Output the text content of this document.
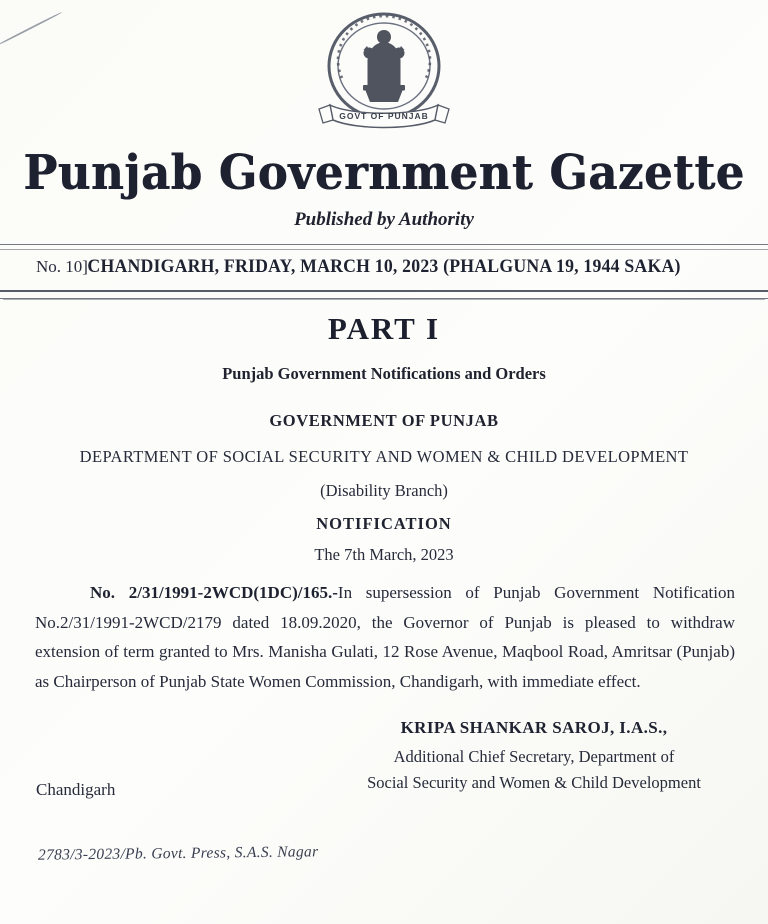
GOVT OF PUNJAB
Punjab Government Gazette
Published by Authority
No. 10] CHANDIGARH, FRIDAY, MARCH 10, 2023 (PHALGUNA 19, 1944 SAKA)
PART I
Punjab Government Notifications and Orders
GOVERNMENT OF PUNJAB
DEPARTMENT OF SOCIAL SECURITY AND WOMEN & CHILD DEVELOPMENT
(Disability Branch)
NOTIFICATION
The 7th March, 2023

No. 2/31/1991-2WCD(1DC)/165.-In supersession of Punjab Government Notification No.2/31/1991-2WCD/2179 dated 18.09.2020, the Governor of Punjab is pleased to withdraw extension of term granted to Mrs. Manisha Gulati, 12 Rose Avenue, Maqbool Road, Amritsar (Punjab) as Chairperson of Punjab State Women Commission, Chandigarh, with immediate effect.

KRIPA SHANKAR SAROJ, I.A.S.,
Additional Chief Secretary, Department of
Social Security and Women & Child Development
Chandigarh
2783/3-2023/Pb. Govt. Press, S.A.S. Nagar
